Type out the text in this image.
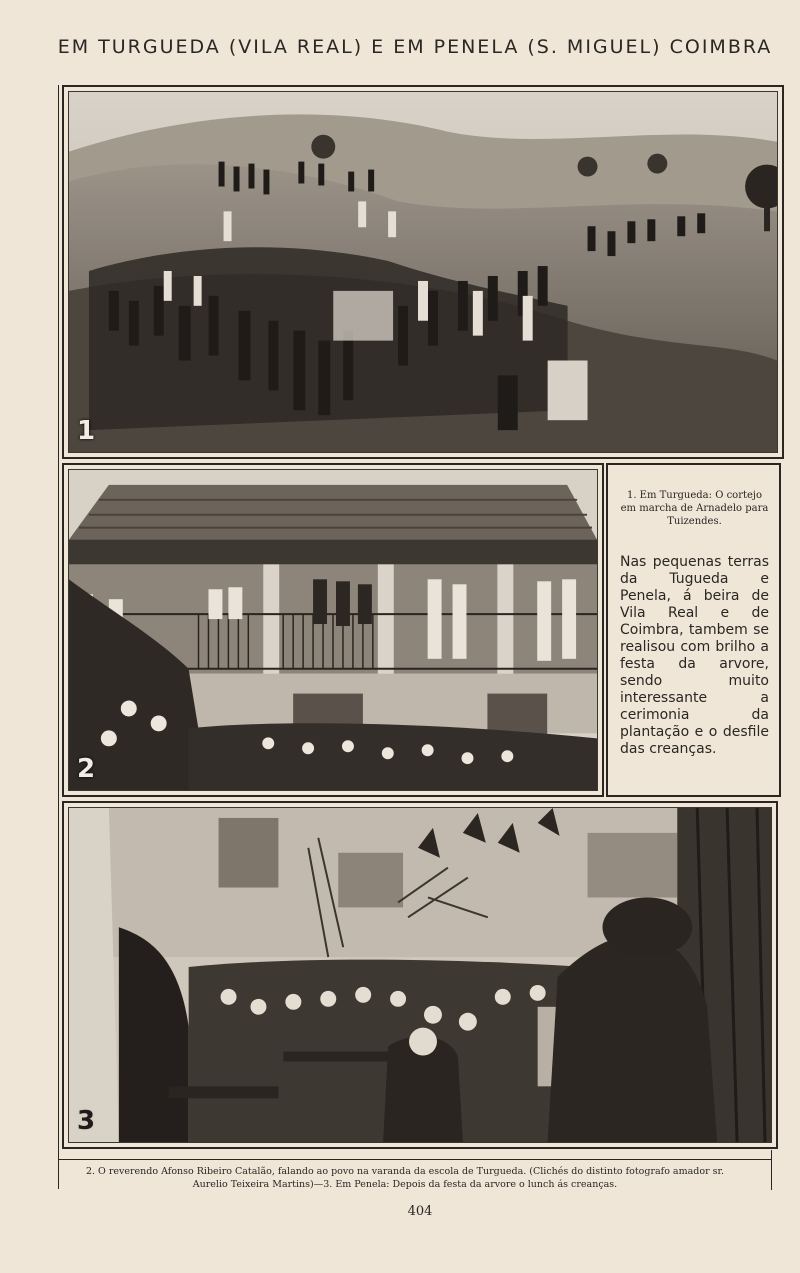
EM TURGUEDA (VILA REAL) E EM PENELA (S. MIGUEL) COIMBRA
1
2
1. Em Turgueda: O cortejo em marcha de Arnadelo para Tuizendes.
Nas pequenas terras da Tugueda e Penela, á beira de Vila Real e de Coimbra, tambem se realisou com brilho a festa da arvore, sendo muito interessante a cerimonia da plantação e o desfile das creanças.
3
2. O reverendo Afonso Ribeiro Catalão, falando ao povo na varanda da escola de Turgueda. (Clichés do distinto fotografo amador sr. Aurelio Teixeira Martins)—3. Em Penela: Depois da festa da arvore o lunch ás creanças.
404
